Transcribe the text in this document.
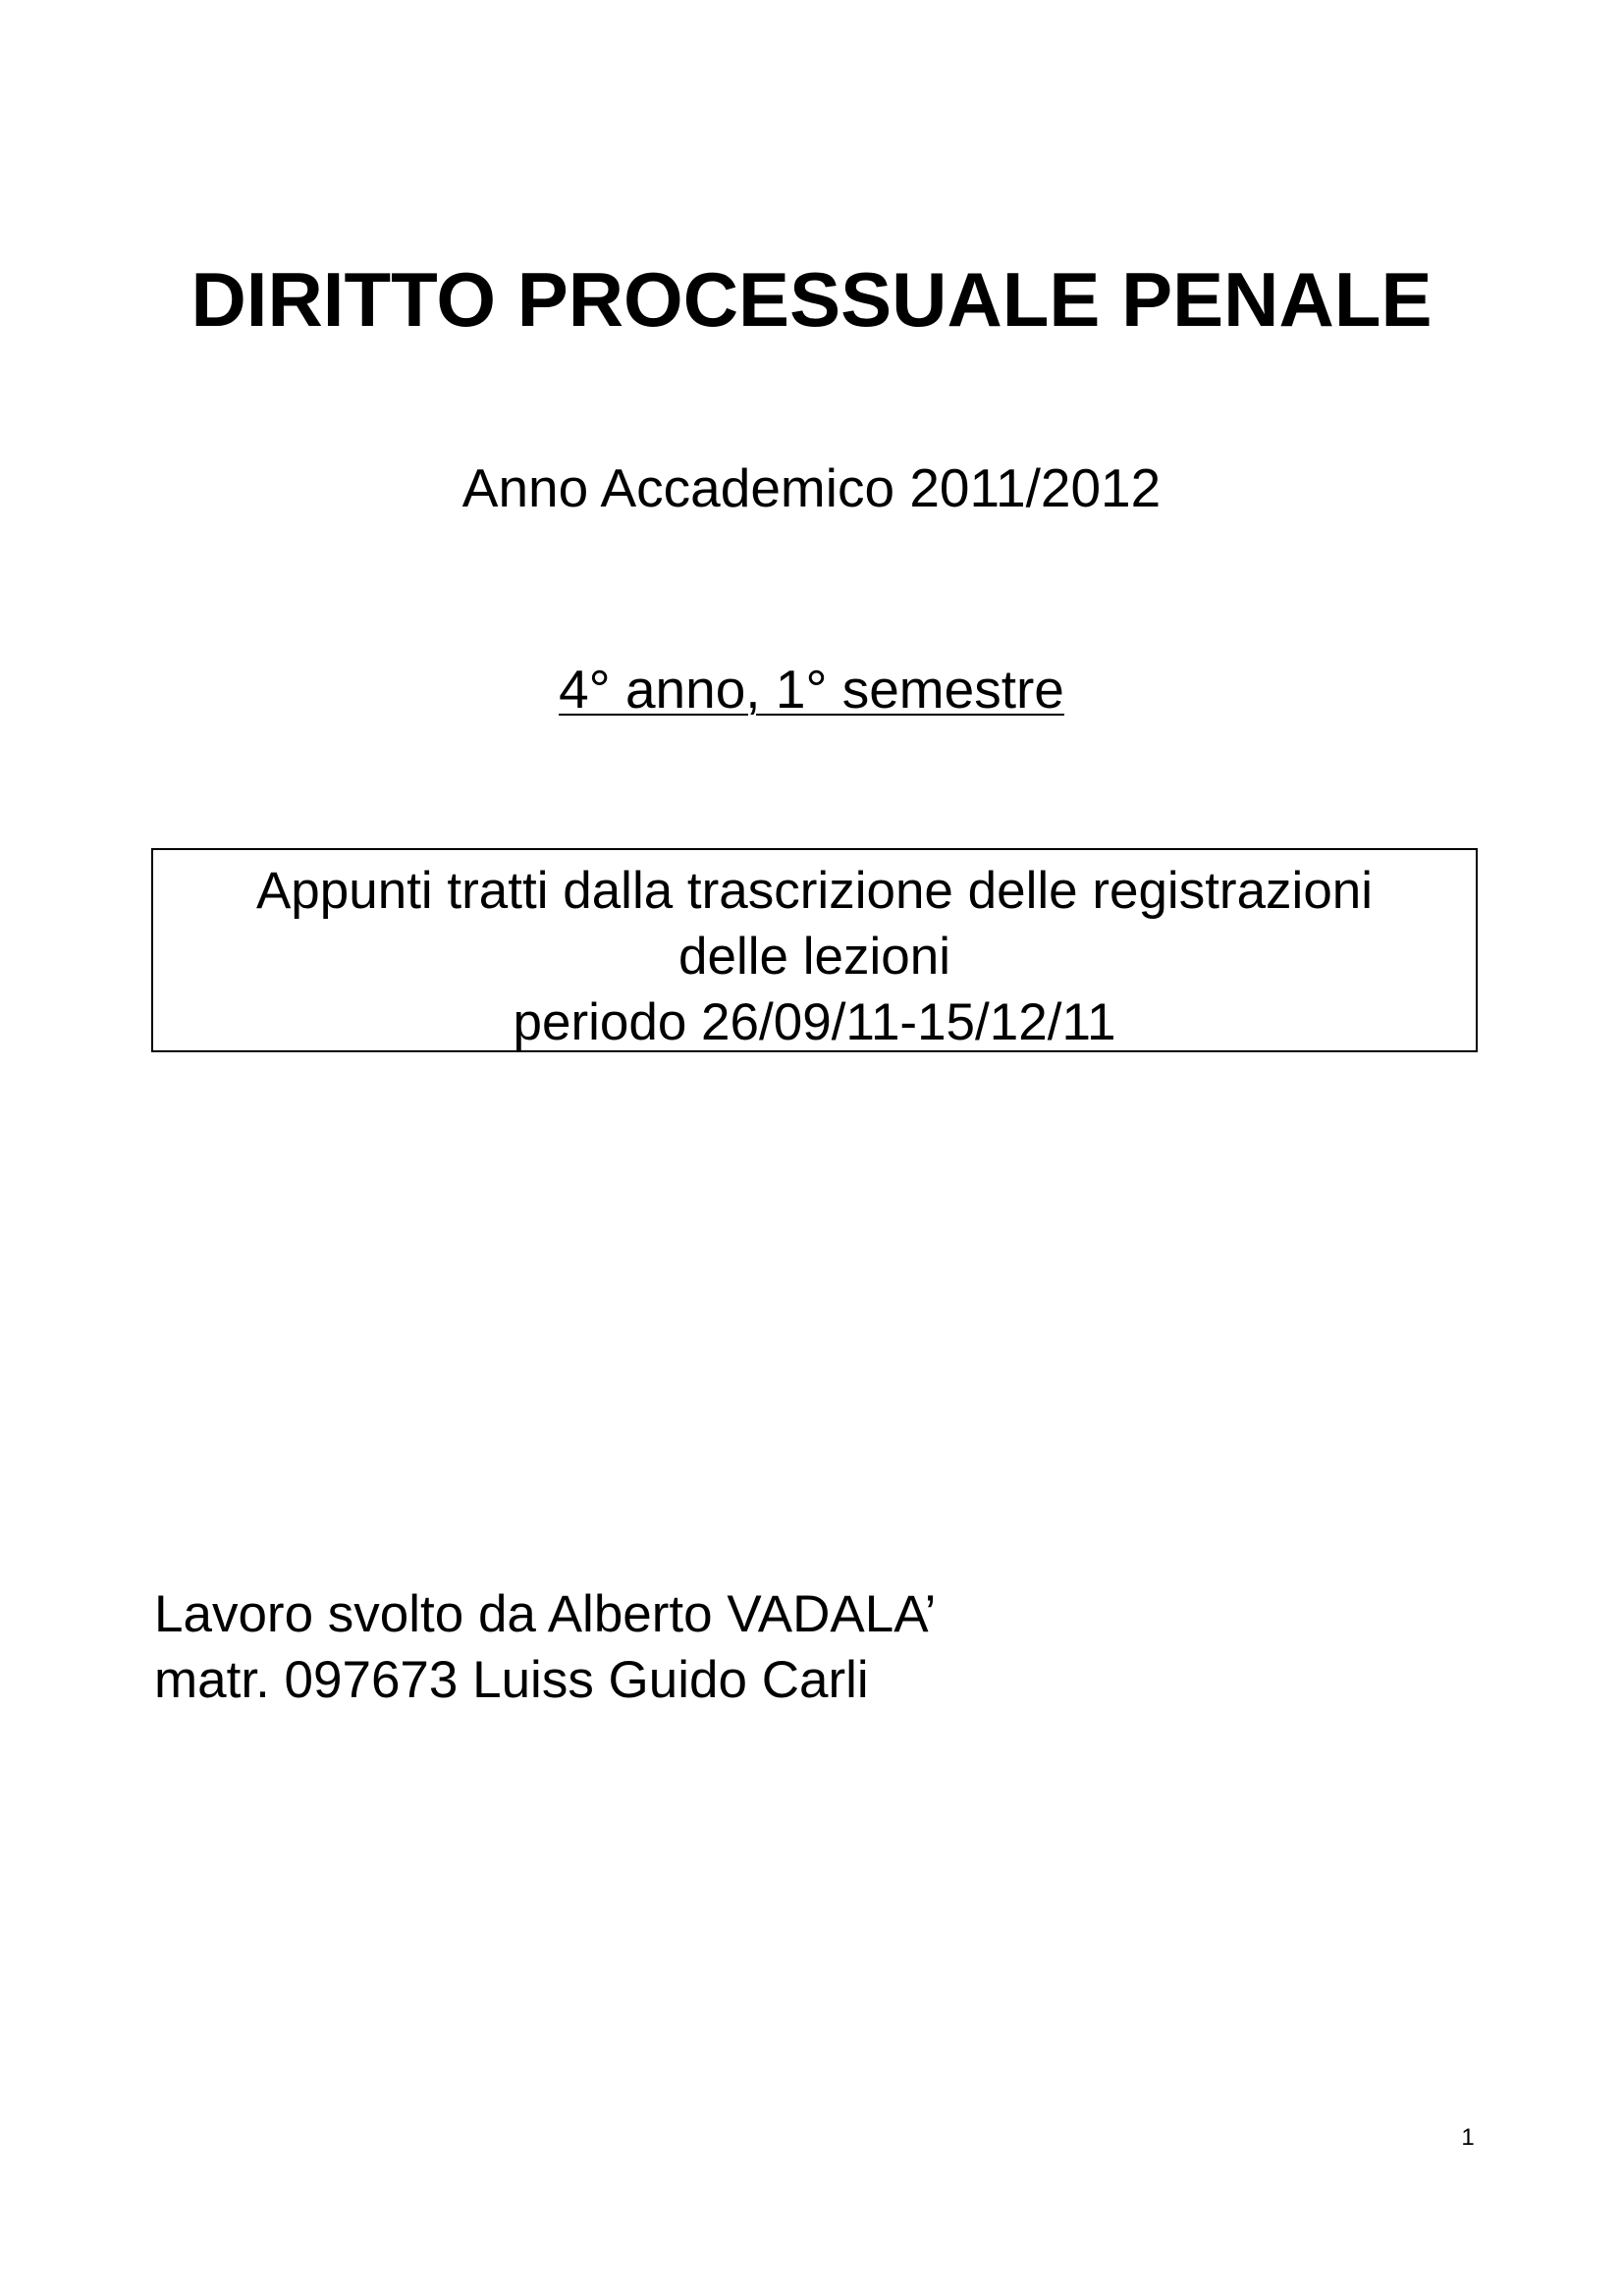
DIRITTO PROCESSUALE PENALE
Anno Accademico 2011/2012
4° anno, 1° semestre
Appunti tratti dalla trascrizione delle registrazioni
delle lezioni
periodo 26/09/11-15/12/11
Lavoro svolto da Alberto VADALA’
matr. 097673 Luiss Guido Carli
1
